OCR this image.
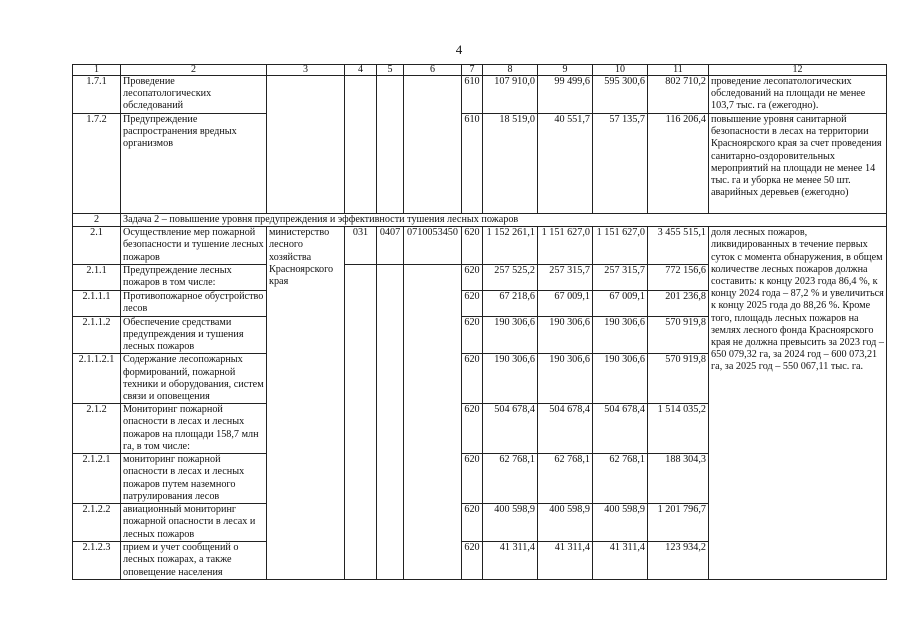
4
1	2	3	4	5	6	7	8	9	10	11	12
1.7.1	Проведение лесопатологических обследований					610	107 910,0	99 499,6	595 300,6	802 710,2	проведение лесопатологических обследований на площади не менее 103,7 тыс. га (ежегодно).
1.7.2	Предупреждение распространения вредных организмов					610	18 519,0	40 551,7	57 135,7	116 206,4	повышение уровня санитарной безопасности в лесах на территории Красноярского края за счет проведения санитарно-оздоровительных мероприятий на площади не менее 14 тыс. га и уборка не менее 50 шт. аварийных деревьев (ежегодно)
2	Задача 2 – повышение уровня предупреждения и эффективности тушения лесных пожаров										
2.1	Осуществление мер пожарной безопасности и тушение лесных пожаров	министерство лесного хозяйства Красноярского края	031	0407	0710053450	620	1 152 261,1	1 151 627,0	1 151 627,0	3 455 515,1	доля лесных пожаров, ликвидированных в течение первых суток с момента обнаружения, в общем количестве лесных пожаров должна составить: к концу 2023 года 86,4 %, к концу 2024 года – 87,2 % и увеличиться к концу 2025 года до 88,26 %. Кроме того, площадь лесных пожаров на землях лесного фонда Красноярского края не должна превысить за 2023 год – 650 079,32 га, за 2024 год – 600 073,21 га, за 2025 год – 550 067,11 тыс. га.
2.1.1	Предупреждение лесных пожаров в том числе:					620	257 525,2	257 315,7	257 315,7	772 156,6	
2.1.1.1	Противопожарное обустройство лесов					620	67 218,6	67 009,1	67 009,1	201 236,8	
2.1.1.2	Обеспечение средствами предупреждения и тушения лесных пожаров					620	190 306,6	190 306,6	190 306,6	570 919,8	
2.1.1.2.1	Содержание лесопожарных формирований, пожарной техники и оборудования, систем связи и оповещения					620	190 306,6	190 306,6	190 306,6	570 919,8	
2.1.2	Мониторинг пожарной опасности в лесах и лесных пожаров на площади 158,7 млн га, в том числе:					620	504 678,4	504 678,4	504 678,4	1 514 035,2	
2.1.2.1	мониторинг пожарной опасности в лесах и лесных пожаров путем наземного патрулирования лесов					620	62 768,1	62 768,1	62 768,1	188 304,3	
2.1.2.2	авиационный мониторинг пожарной опасности в лесах и лесных пожаров					620	400 598,9	400 598,9	400 598,9	1 201 796,7	
2.1.2.3	прием и учет сообщений о лесных пожарах, а также оповещение населения					620	41 311,4	41 311,4	41 311,4	123 934,2	
